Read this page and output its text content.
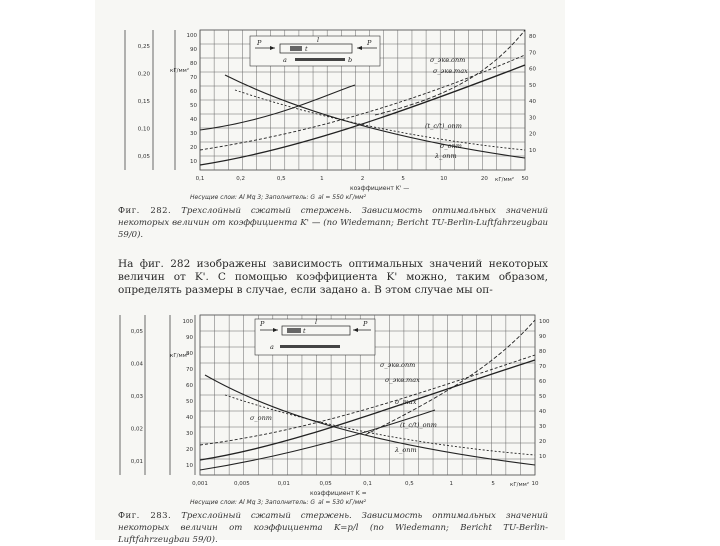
P	P
l
a
t
b	σ_экв.опт
σ_экв.max
(t_с/t)_опт
λ_опт
σ_опт
0,25
0,20
0,15
0,10
0,05
100
90
80
70
60
50
40
30
20
10
80
70
60
50
40
30
20
10
0,1	0,2	0,5	1	2	5	10	20	50
кГ/мм²
коэффициент K' —
кГ/мм²
Несущие слои: Al Mg 3; Заполнитель: G_al = 550 кГ/мм²
Фиг. 282. Трехслойный сжатый стержень. Зависимость оптимальных значений некоторых величин от коэффициента K' — (по Wiedemann; Bericht TU-Berlin-Luftfahrzeugbau 59/0).
На фиг. 282 изображены зависимость оптимальных значений некоторых величин от K'. С помощью коэффициента K' можно, таким образом, определять размеры в случае, если задано a. В этом случае мы оп-
P	P
l
a
t
σ_экв.опт
σ_экв.max
σ_max
(t_с/t)_опт
λ_опт
σ_опт
0,05
0,04
0,03
0,02
0,01
100
90
80
70
60
50
40
30
20
10
100
90
80
70
60
50
40
30
20
10
0,001	0,005	0,01	0,05	0,1	0,5	1	5	10
кГ/мм²
коэффициент K =
кГ/мм²
Несущие слои: Al Mg 3; Заполнитель: G_al = 530 кГ/мм²
Фиг. 283. Трехслойный сжатый стержень. Зависимость оптимальных значений некоторых величин от коэффициента K=p/l (по Wiedemann; Bericht TU-Berlin-Luftfahrzeugbau 59/0).
